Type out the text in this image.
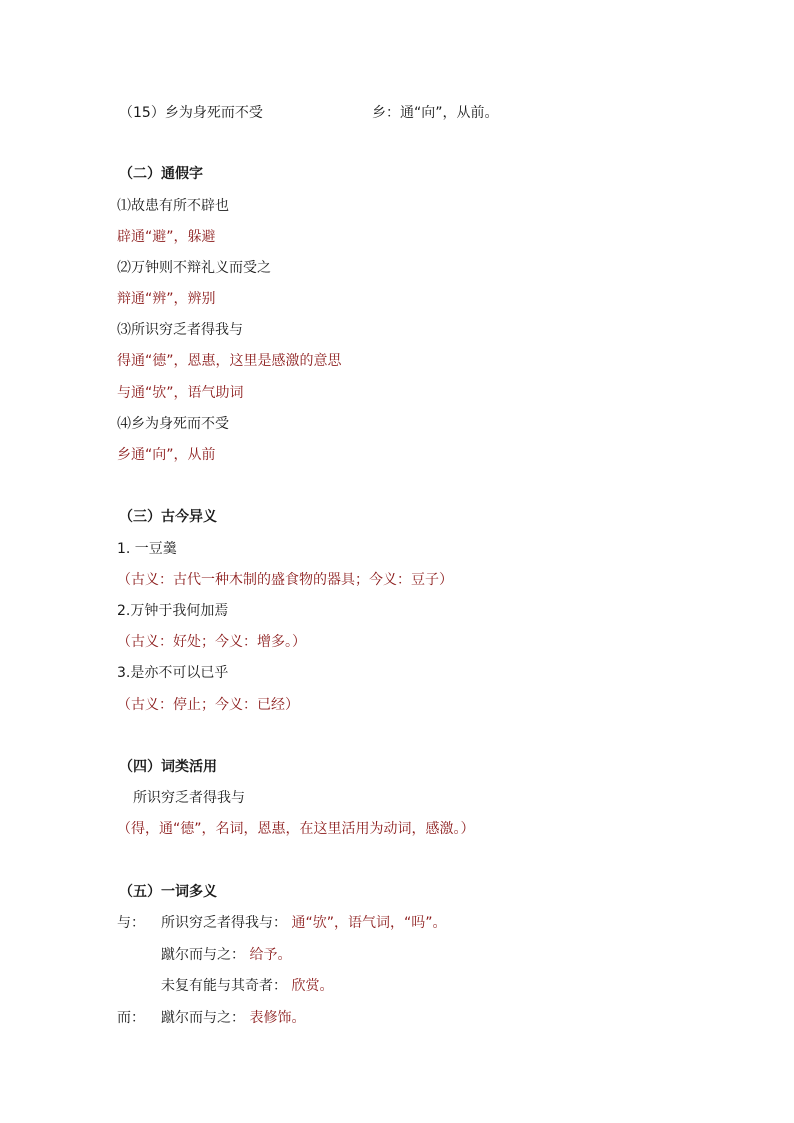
（15）乡为身死而不受	乡：通“向”，从前。
（二）通假字
⑴故患有所不辟也
辟通“避”，躲避
⑵万钟则不辩礼义而受之
辩通“辨”，辨别
⑶所识穷乏者得我与
得通“德”，恩惠，这里是感激的意思
与通“欤”，语气助词
⑷乡为身死而不受
乡通“向”，从前
（三）古今异义
1. 一豆羹
（古义：古代一种木制的盛食物的器具；今义：豆子）
2.万钟于我何加焉
（古义：好处；今义：增多。）
3.是亦不可以已乎
（古义：停止；今义：已经）
（四）词类活用
所识穷乏者得我与
（得，通“德”，名词，恩惠，在这里活用为动词，感激。）
（五）一词多义
与： 所识穷乏者得我与： 通“欤”，语气词，“吗”。
蹴尔而与之： 给予。
未复有能与其奇者： 欣赏。
而： 蹴尔而与之： 表修饰。
